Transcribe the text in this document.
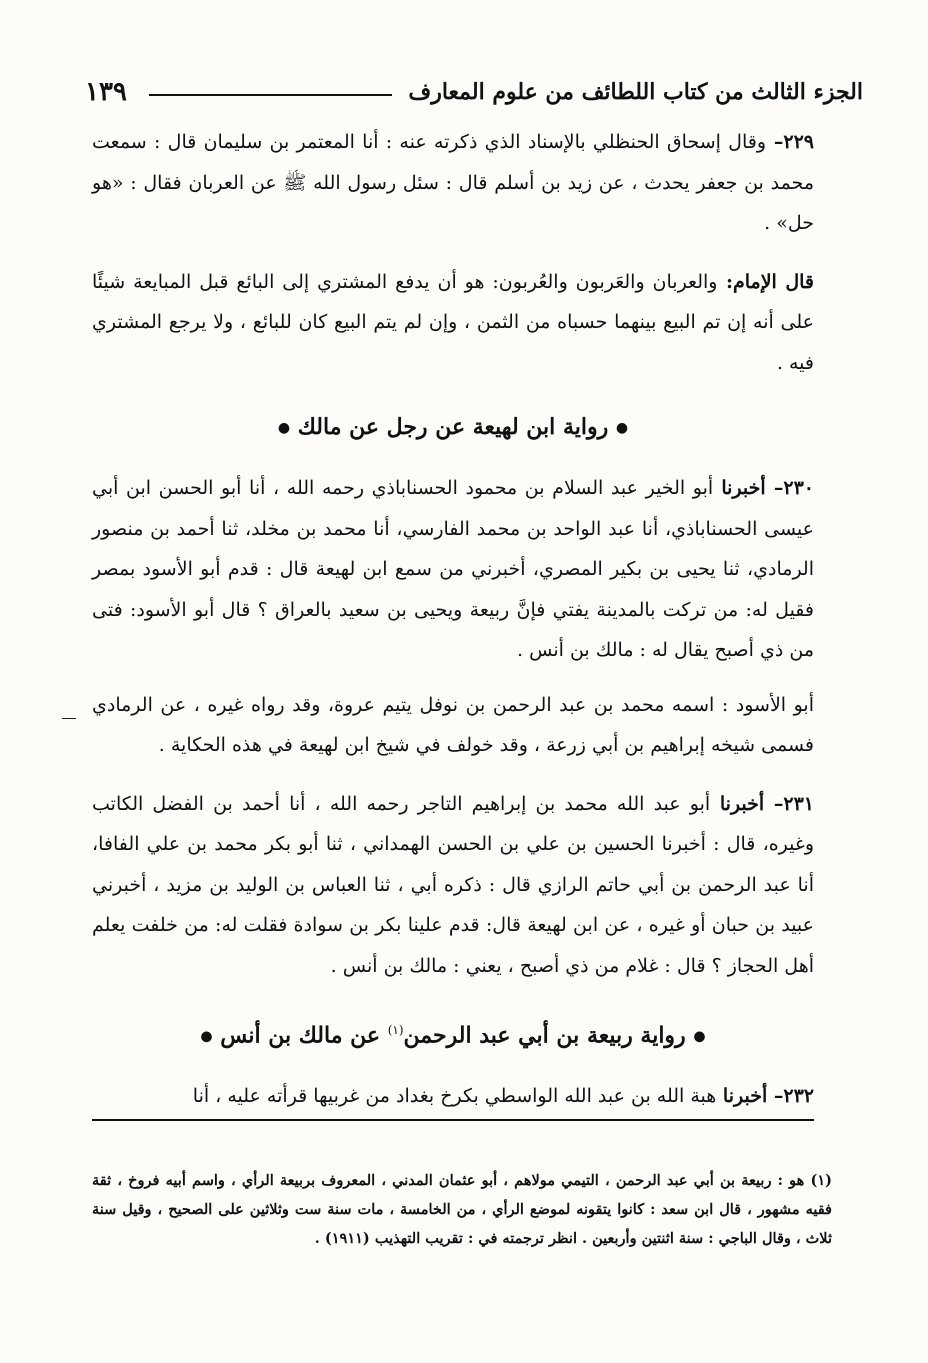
١٣٩	الجزء الثالث من كتاب اللطائف من علوم المعارف

٢٢٩– وقال إسحاق الحنظلي بالإسناد الذي ذكرته عنه : أنا المعتمر بن سليمان قال : سمعت محمد بن جعفر يحدث ، عن زيد بن أسلم قال : سئل رسول الله ﷺ عن العربان فقال : «هو حل» .

قال الإمام: والعربان والعَربون والعُربون: هو أن يدفع المشتري إلى البائع قبل المبايعة شيئًا على أنه إن تم البيع بينهما حسباه من الثمن ، وإن لم يتم البيع كان للبائع ، ولا يرجع المشتري فيه .

● رواية ابن لهيعة عن رجل عن مالك ●

٢٣٠– أخبرنا أبو الخير عبد السلام بن محمود الحسناباذي رحمه الله ، أنا أبو الحسن ابن أبي عيسى الحسناباذي، أنا عبد الواحد بن محمد الفارسي، أنا محمد بن مخلد، ثنا أحمد بن منصور الرمادي، ثنا يحيى بن بكير المصري، أخبرني من سمع ابن لهيعة قال : قدم أبو الأسود بمصر فقيل له: من تركت بالمدينة يفتي فإنَّ ربيعة ويحيى بن سعيد بالعراق ؟ قال أبو الأسود: فتى من ذي أصبح يقال له : مالك بن أنس .

أبو الأسود : اسمه محمد بن عبد الرحمن بن نوفل يتيم عروة، وقد رواه غيره ، عن الرمادي فسمى شيخه إبراهيم بن أبي زرعة ، وقد خولف في شيخ ابن لهيعة في هذه الحكاية .

٢٣١– أخبرنا أبو عبد الله محمد بن إبراهيم التاجر رحمه الله ، أنا أحمد بن الفضل الكاتب وغيره، قال : أخبرنا الحسين بن علي بن الحسن الهمداني ، ثنا أبو بكر محمد بن علي الفافا، أنا عبد الرحمن بن أبي حاتم الرازي قال : ذكره أبي ، ثنا العباس بن الوليد بن مزيد ، أخبرني عبيد بن حبان أو غيره ، عن ابن لهيعة قال: قدم علينا بكر بن سوادة فقلت له: من خلفت يعلم أهل الحجاز ؟ قال : غلام من ذي أصبح ، يعني : مالك بن أنس .

● رواية ربيعة بن أبي عبد الرحمن$^{(١)}$ عن مالك بن أنس ●

٢٣٢– أخبرنا هبة الله بن عبد الله الواسطي بكرخ بغداد من غربيها قرأته عليه ، أنا

(١) هو : ربيعة بن أبي عبد الرحمن ، التيمي مولاهم ، أبو عثمان المدني ، المعروف بربيعة الرأي ، واسم أبيه فروخ ، ثقة فقيه مشهور ، قال ابن سعد : كانوا يتقونه لموضع الرأي ، من الخامسة ، مات سنة ست وثلاثين على الصحيح ، وقيل سنة ثلاث ، وقال الباجي : سنة اثنتين وأربعين . انظر ترجمته في : تقريب التهذيب (١٩١١) .
